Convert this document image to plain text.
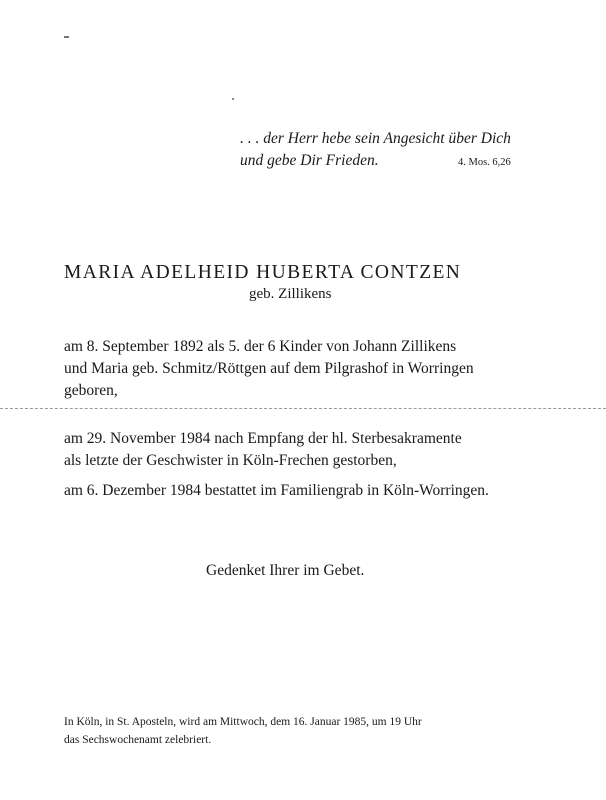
. . . der Herr hebe sein Angesicht über Dich
und gebe Dir Frieden.	4. Mos. 6,26
MARIA ADELHEID HUBERTA CONTZEN
geb. Zillikens
am 8. September 1892 als 5. der 6 Kinder von Johann Zillikens
und Maria geb. Schmitz/Röttgen auf dem Pilgrashof in Worringen
geboren,
am 29. November 1984 nach Empfang der hl. Sterbesakramente
als letzte der Geschwister in Köln-Frechen gestorben,
am 6. Dezember 1984 bestattet im Familiengrab in Köln-Worringen.
Gedenket Ihrer im Gebet.
In Köln, in St. Aposteln, wird am Mittwoch, dem 16. Januar 1985, um 19 Uhr
das Sechswochenamt zelebriert.
